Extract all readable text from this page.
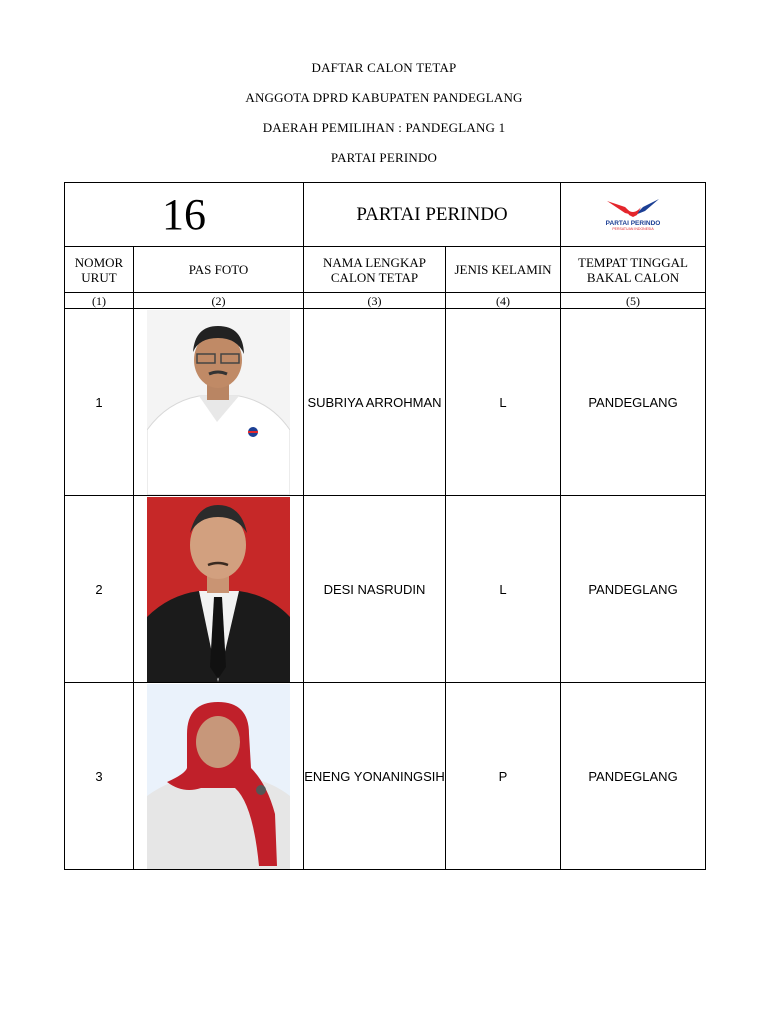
DAFTAR CALON TETAP
ANGGOTA DPRD KABUPATEN PANDEGLANG
DAERAH PEMILIHAN : PANDEGLANG 1
PARTAI PERINDO
16		PARTAI PERINDO		PARTAI PERINDO
PERSATUAN INDONESIA

NOMOR URUT	PAS FOTO	NAMA LENGKAP CALON TETAP	JENIS KELAMIN	TEMPAT TINGGAL BAKAL CALON
(1)	(2)	(3)	(4)	(5)
1		SUBRIYA ARROHMAN	L	PANDEGLANG
2		DESI NASRUDIN	L	PANDEGLANG
3		ENENG YONANINGSIH	P	PANDEGLANG
